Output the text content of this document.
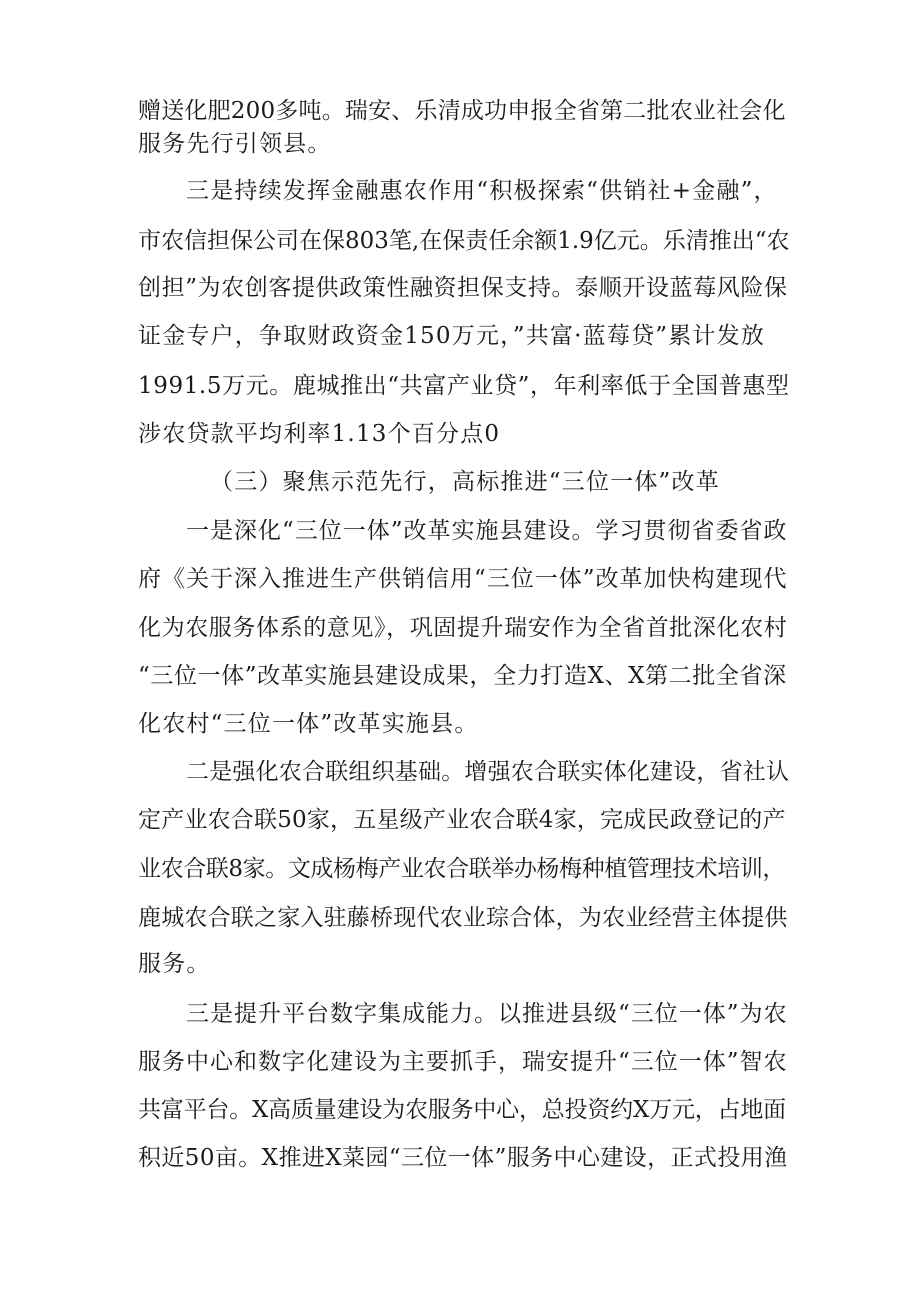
赠送化肥200多吨。瑞安、乐清成功申报全省第二批农业社会化
服务先行引领县。
三是持续发挥金融惠农作用“积极探索“供销社+金融”，
市农信担保公司在保803笔,在保责任余额1.9亿元。乐清推出“农
创担”为农创客提供政策性融资担保支持。泰顺开设蓝莓风险保
证金专户，争取财政资金150万元，”共富·蓝莓贷”累计发放
1991.5万元。鹿城推出“共富产业贷”，年利率低于全国普惠型
涉农贷款平均利率1.13个百分点0
（三）聚焦示范先行，高标推进“三位一体”改革
一是深化“三位一体”改革实施县建设。学习贯彻省委省政
府《关于深入推进生产供销信用“三位一体”改革加快构建现代
化为农服务体系的意见》，巩固提升瑞安作为全省首批深化农村
“三位一体”改革实施县建设成果，全力打造X、X第二批全省深
化农村“三位一体”改革实施县。
二是强化农合联组织基础。增强农合联实体化建设，省社认
定产业农合联50家，五星级产业农合联4家，完成民政登记的产
业农合联8家。文成杨梅产业农合联举办杨梅种植管理技术培训，
鹿城农合联之家入驻藤桥现代农业琮合体，为农业经营主体提供
服务。
三是提升平台数字集成能力。以推进县级“三位一体”为农
服务中心和数字化建设为主要抓手，瑞安提升“三位一体”智农
共富平台。X高质量建设为农服务中心，总投资约X万元，占地面
积近50亩。X推进X菜园“三位一体”服务中心建设，正式投用渔
